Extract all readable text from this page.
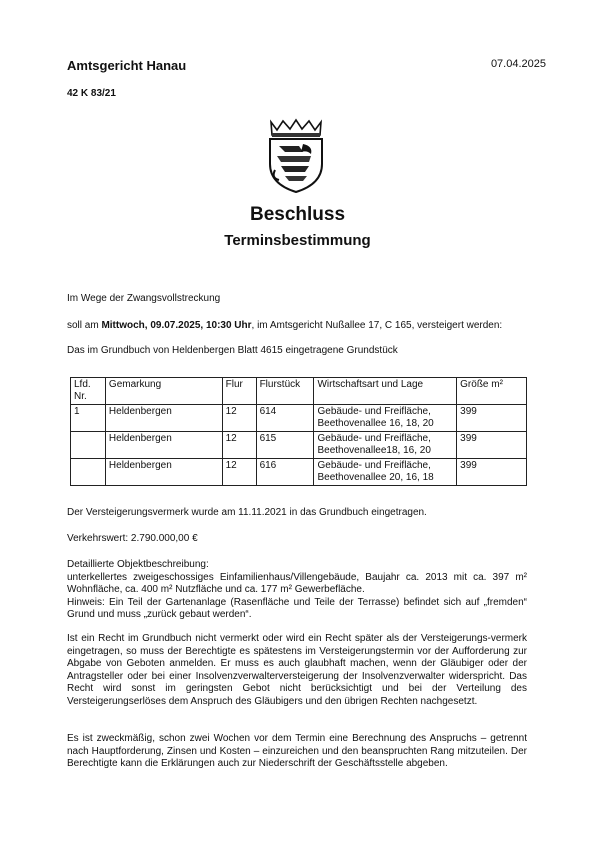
Amtsgericht Hanau	07.04.2025
42 K 83/21
Beschluss
Terminsbestimmung
Im Wege der Zwangsvollstreckung
soll am Mittwoch, 09.07.2025, 10:30 Uhr, im Amtsgericht Nußallee 17, C 165, versteigert werden:
Das im Grundbuch von Heldenbergen Blatt 4615 eingetragene Grundstück
Lfd. Nr.	Gemarkung	Flur	Flurstück	Wirtschaftsart und Lage	Größe m²
1	Heldenbergen	12	614	Gebäude- und Freifläche, Beethovenallee 16, 18, 20	399
	Heldenbergen	12	615	Gebäude- und Freifläche, Beethovenallee18, 16, 20	399
	Heldenbergen	12	616	Gebäude- und Freifläche, Beethovenallee 20, 16, 18	399
Der Versteigerungsvermerk wurde am 11.11.2021 in das Grundbuch eingetragen.
Verkehrswert: 2.790.000,00 €
Detaillierte Objektbeschreibung:
unterkellertes zweigeschossiges Einfamilienhaus/Villengebäude, Baujahr ca. 2013 mit ca. 397 m² Wohnfläche, ca. 400 m² Nutzfläche und ca. 177 m² Gewerbefläche.
Hinweis: Ein Teil der Gartenanlage (Rasenfläche und Teile der Terrasse) befindet sich auf „fremden“ Grund und muss „zurück gebaut werden“.
Ist ein Recht im Grundbuch nicht vermerkt oder wird ein Recht später als der Versteigerungs-vermerk eingetragen, so muss der Berechtigte es spätestens im Versteigerungstermin vor der Aufforderung zur Abgabe von Geboten anmelden. Er muss es auch glaubhaft machen, wenn der Gläubiger oder der Antragsteller oder bei einer Insolvenzverwalterversteigerung der Insolvenzverwalter widerspricht. Das Recht wird sonst im geringsten Gebot nicht berücksichtigt und bei der Verteilung des Versteigerungserlöses dem Anspruch des Gläubigers und den übrigen Rechten nachgesetzt.
Es ist zweckmäßig, schon zwei Wochen vor dem Termin eine Berechnung des Anspruchs – getrennt nach Hauptforderung, Zinsen und Kosten – einzureichen und den beanspruchten Rang mitzuteilen. Der Berechtigte kann die Erklärungen auch zur Niederschrift der Geschäftsstelle abgeben.
